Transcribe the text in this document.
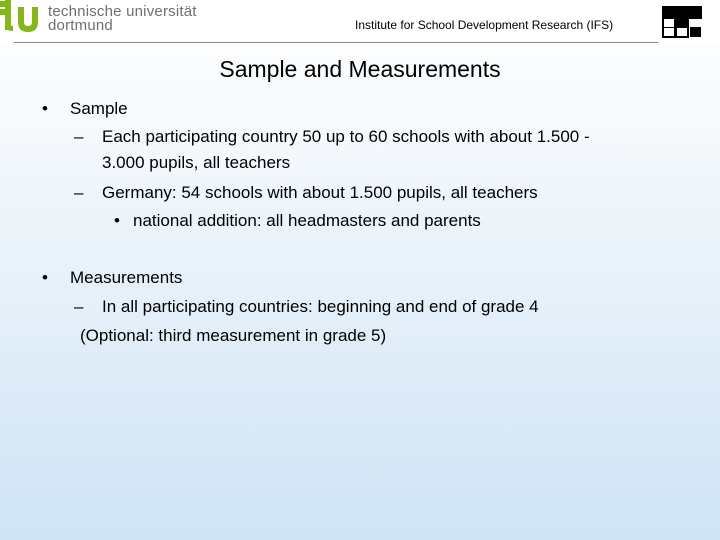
technische universität
dortmund	Institute for School Development Research (IFS)
Sample and Measurements
• Sample
– Each participating country 50 up to 60 schools with about 1.500 -
3.000 pupils, all teachers
– Germany: 54 schools with about 1.500 pupils, all teachers
• national addition: all headmasters and parents
• Measurements
– In all participating countries: beginning and end of grade 4
(Optional: third measurement in grade 5)
